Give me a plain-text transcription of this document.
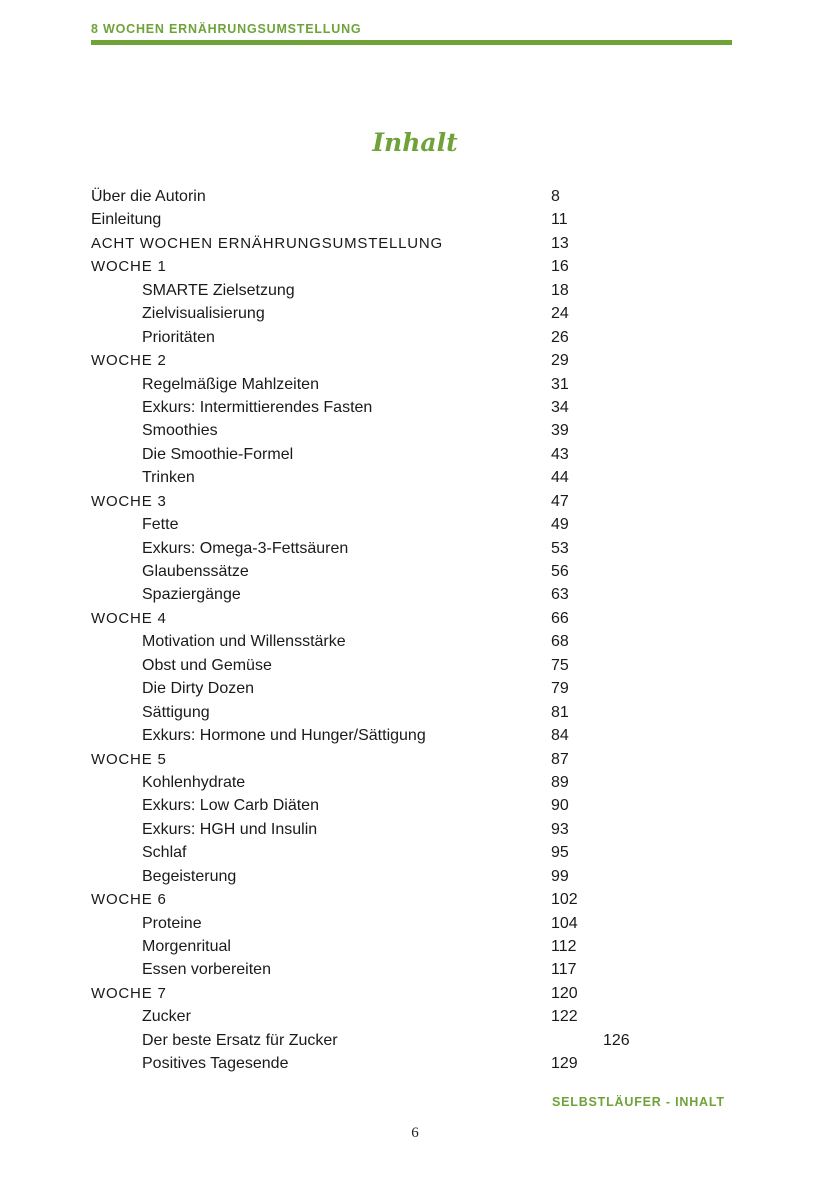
8 WOCHEN ERNÄHRUNGSUMSTELLUNG
Inhalt
Über die Autorin	8
Einleitung	11
ACHT WOCHEN ERNÄHRUNGSUMSTELLUNG	13
WOCHE 1	16
SMARTE Zielsetzung	18
Zielvisualisierung	24
Prioritäten	26
WOCHE 2	29
Regelmäßige Mahlzeiten	31
Exkurs: Intermittierendes Fasten	34
Smoothies	39
Die Smoothie-Formel	43
Trinken	44
WOCHE 3	47
Fette	49
Exkurs: Omega-3-Fettsäuren	53
Glaubenssätze	56
Spaziergänge	63
WOCHE 4	66
Motivation und Willensstärke	68
Obst und Gemüse	75
Die Dirty Dozen	79
Sättigung	81
Exkurs: Hormone und Hunger/Sättigung	84
WOCHE 5	87
Kohlenhydrate	89
Exkurs: Low Carb Diäten	90
Exkurs: HGH und Insulin	93
Schlaf	95
Begeisterung	99
WOCHE 6	102
Proteine	104
Morgenritual	112
Essen vorbereiten	117
WOCHE 7	120
Zucker	122
Der beste Ersatz für Zucker	126
Positives Tagesende	129
SELBSTLÄUFER - INHALT
6
